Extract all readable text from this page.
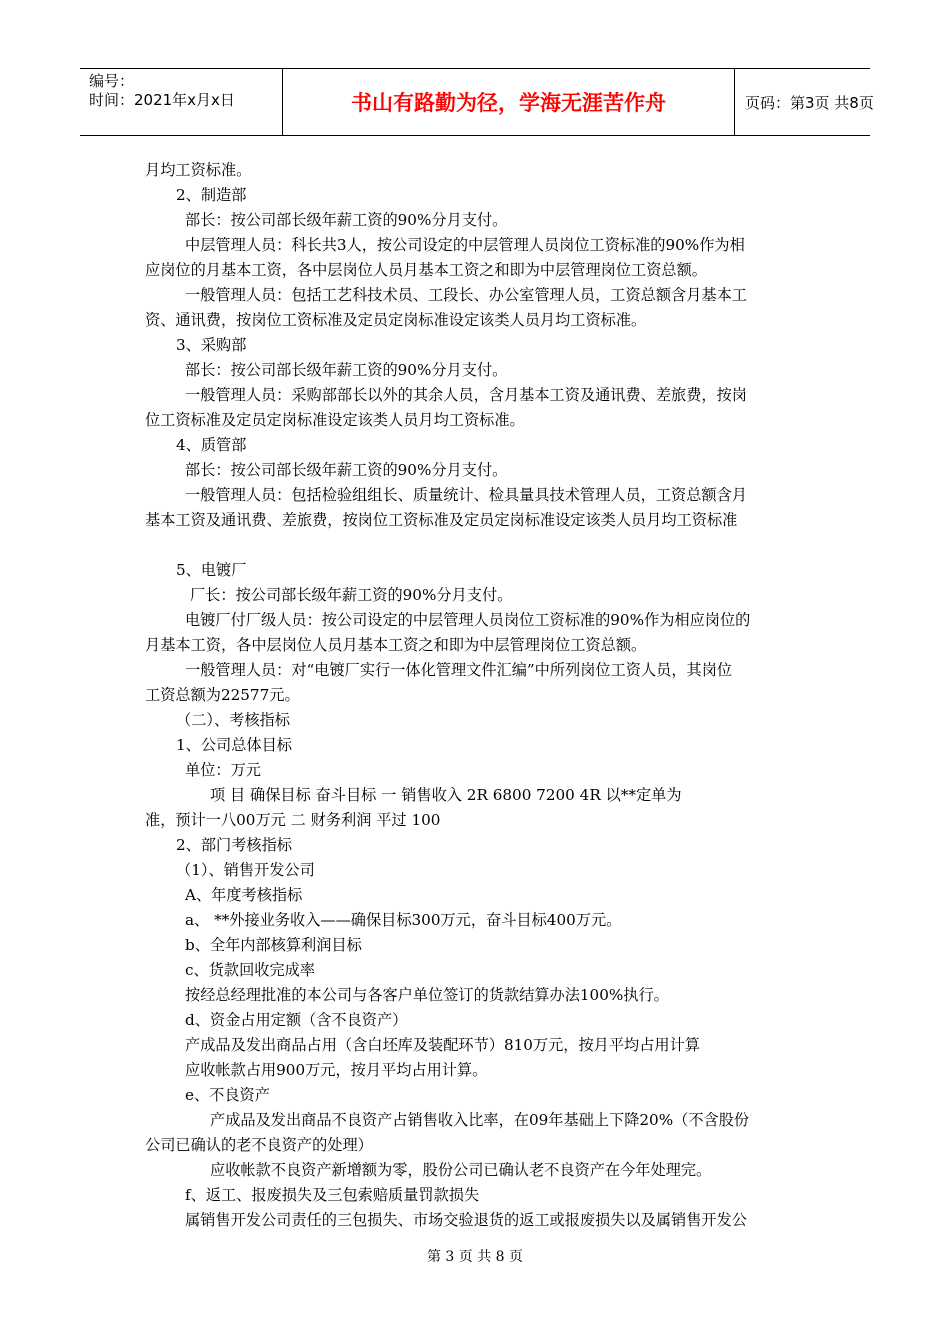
编号：
时间：2021年x月x日	书山有路勤为径，学海无涯苦作舟	页码：第3页 共8页

月均工资标准。

2、制造部

部长：按公司部长级年薪工资的90%分月支付。

中层管理人员：科长共3人，按公司设定的中层管理人员岗位工资标准的90%作为相

应岗位的月基本工资，各中层岗位人员月基本工资之和即为中层管理岗位工资总额。

一般管理人员：包括工艺科技术员、工段长、办公室管理人员，工资总额含月基本工

资、通讯费，按岗位工资标准及定员定岗标准设定该类人员月均工资标准。

3、采购部

部长：按公司部长级年薪工资的90%分月支付。

一般管理人员：采购部部长以外的其余人员，含月基本工资及通讯费、差旅费，按岗

位工资标准及定员定岗标准设定该类人员月均工资标准。

4、质管部

部长：按公司部长级年薪工资的90%分月支付。

一般管理人员：包括检验组组长、质量统计、检具量具技术管理人员，工资总额含月

基本工资及通讯费、差旅费，按岗位工资标准及定员定岗标准设定该类人员月均工资标准

5、电镀厂

厂长：按公司部长级年薪工资的90%分月支付。

电镀厂付厂级人员：按公司设定的中层管理人员岗位工资标准的90%作为相应岗位的

月基本工资，各中层岗位人员月基本工资之和即为中层管理岗位工资总额。

一般管理人员：对“电镀厂实行一体化管理文件汇编”中所列岗位工资人员，其岗位

工资总额为22577元。

（二）、考核指标

1、公司总体目标

单位：万元

项 目 确保目标 奋斗目标 一 销售收入 2R 6800 7200 4R 以**定单为

准，预计一八00万元 二 财务利润 平过 100

2、部门考核指标

（1）、销售开发公司

A、年度考核指标

a、 **外接业务收入——确保目标300万元，奋斗目标400万元。

b、全年内部核算利润目标

c、货款回收完成率

按经总经理批准的本公司与各客户单位签订的货款结算办法100%执行。

d、资金占用定额（含不良资产）

产成品及发出商品占用（含白坯库及装配环节）810万元，按月平均占用计算

应收帐款占用900万元，按月平均占用计算。

e、不良资产

产成品及发出商品不良资产占销售收入比率，在09年基础上下降20%（不含股份

公司已确认的老不良资产的处理）

应收帐款不良资产新增额为零，股份公司已确认老不良资产在今年处理完。

f、返工、报废损失及三包索赔质量罚款损失

属销售开发公司责任的三包损失、市场交验退货的返工或报废损失以及属销售开发公

第 3 页 共 8 页
